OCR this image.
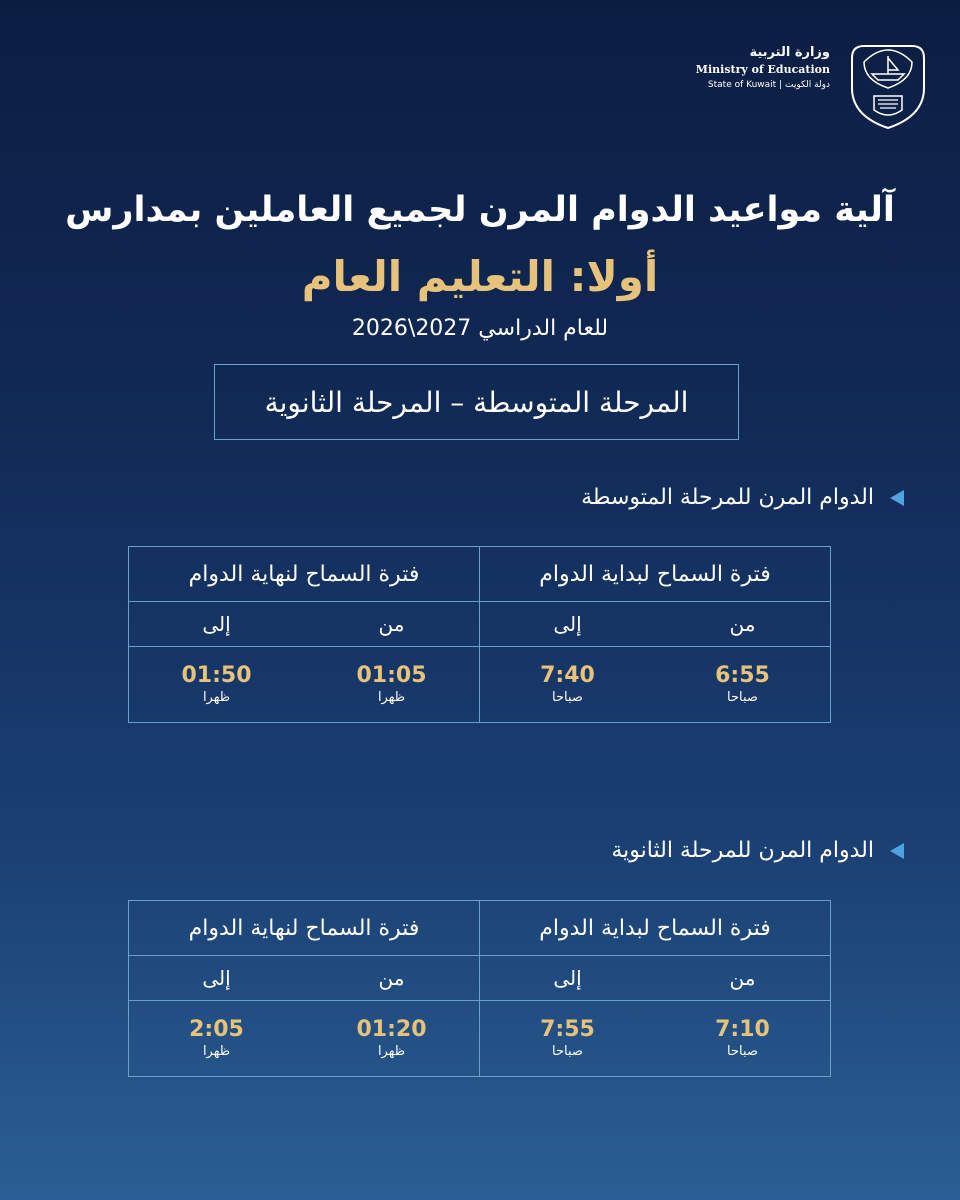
وزارة التربية
Ministry of Education
State of Kuwait | دولة الكويت
آلية مواعيد الدوام المرن لجميع العاملين بمدارس
أولا: التعليم العام
للعام الدراسي 2027\2026
المرحلة المتوسطة – المرحلة الثانوية
الدوام المرن للمرحلة المتوسطة
فترة السماح لبداية الدوام
من
إلى
6:55
صباحا
7:40
صباحا
فترة السماح لنهاية الدوام
من
إلى
01:05
ظهرا
01:50
ظهرا
الدوام المرن للمرحلة الثانوية
فترة السماح لبداية الدوام
من
إلى
7:10
صباحا
7:55
صباحا
فترة السماح لنهاية الدوام
من
إلى
01:20
ظهرا
2:05
ظهرا
